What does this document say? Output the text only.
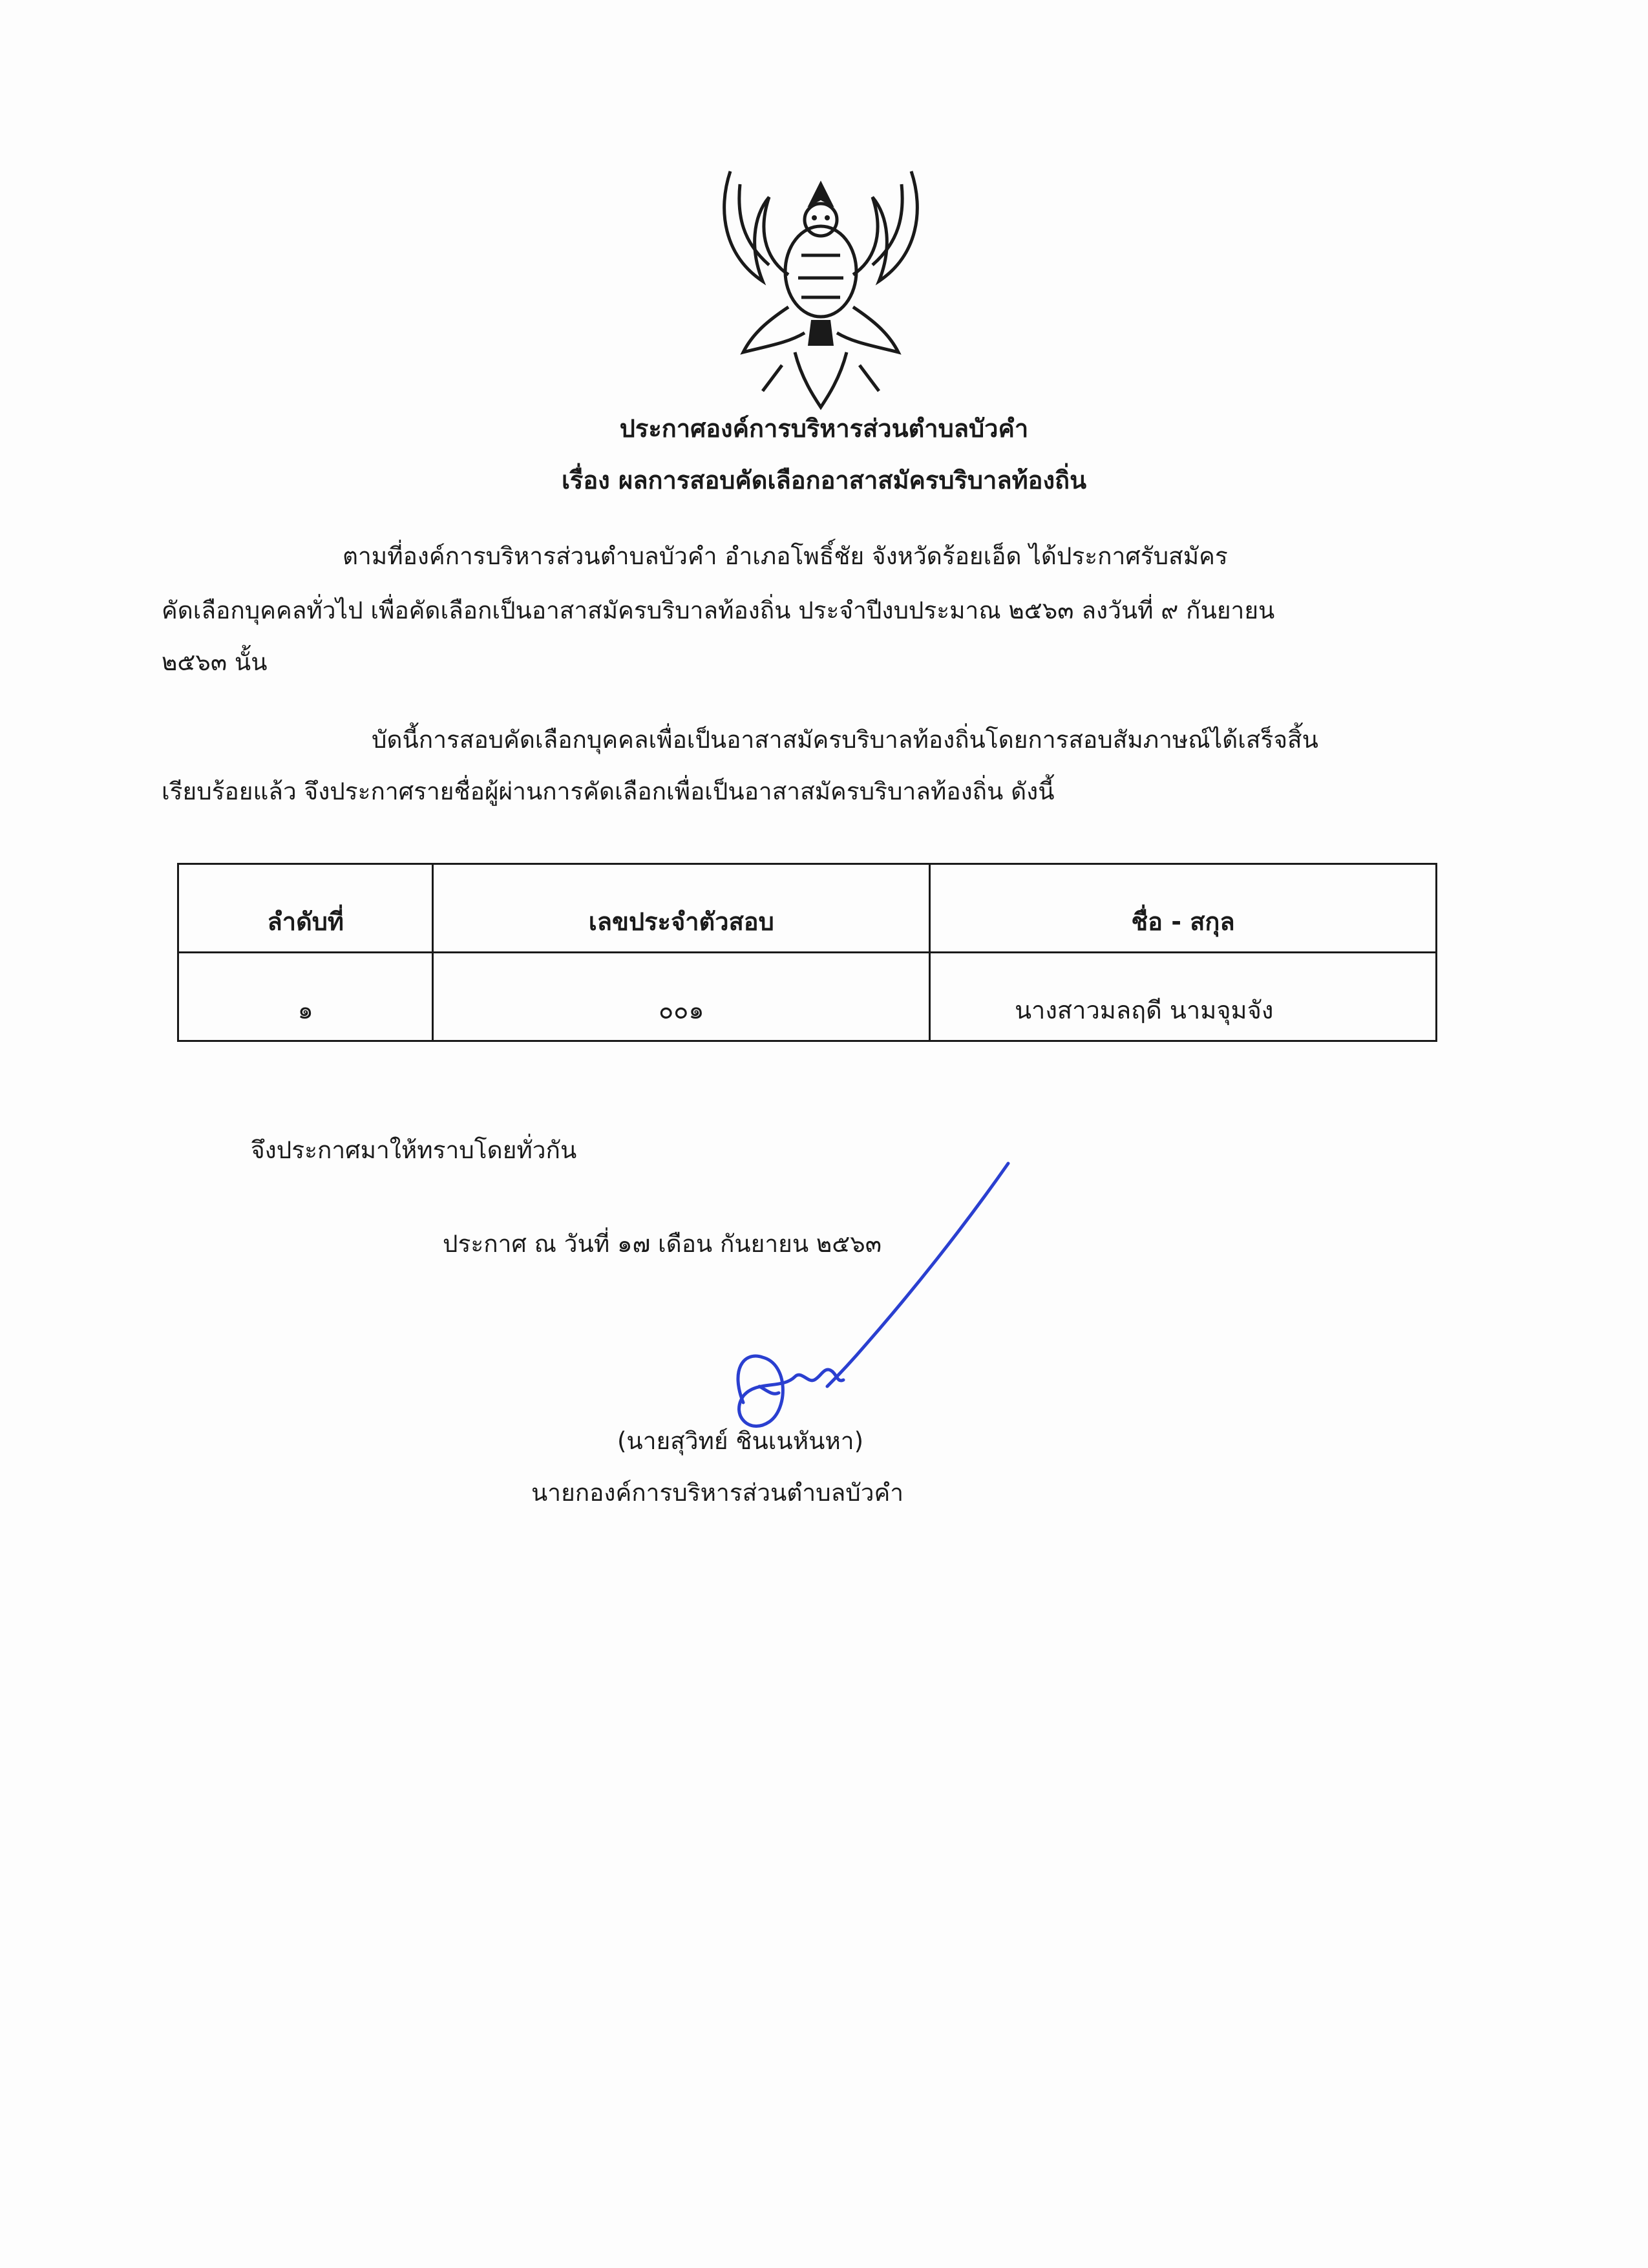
ประกาศองค์การบริหารส่วนตำบลบัวคำ
เรื่อง ผลการสอบคัดเลือกอาสาสมัครบริบาลท้องถิ่น
ตามที่องค์การบริหารส่วนตำบลบัวคำ อำเภอโพธิ์ชัย จังหวัดร้อยเอ็ด ได้ประกาศรับสมัคร
คัดเลือกบุคคลทั่วไป เพื่อคัดเลือกเป็นอาสาสมัครบริบาลท้องถิ่น ประจำปีงบประมาณ ๒๕๖๓ ลงวันที่ ๙ กันยายน
๒๕๖๓ นั้น
บัดนี้การสอบคัดเลือกบุคคลเพื่อเป็นอาสาสมัครบริบาลท้องถิ่นโดยการสอบสัมภาษณ์ได้เสร็จสิ้น
เรียบร้อยแล้ว จึงประกาศรายชื่อผู้ผ่านการคัดเลือกเพื่อเป็นอาสาสมัครบริบาลท้องถิ่น ดังนี้
ลำดับที่	เลขประจำตัวสอบ	ชื่อ - สกุล
๑	๐๐๑	นางสาวมลฤดี นามจุมจัง
จึงประกาศมาให้ทราบโดยทั่วกัน
ประกาศ ณ วันที่ ๑๗ เดือน กันยายน ๒๕๖๓
(นายสุวิทย์ ชินเนหันหา)
นายกองค์การบริหารส่วนตำบลบัวคำ
